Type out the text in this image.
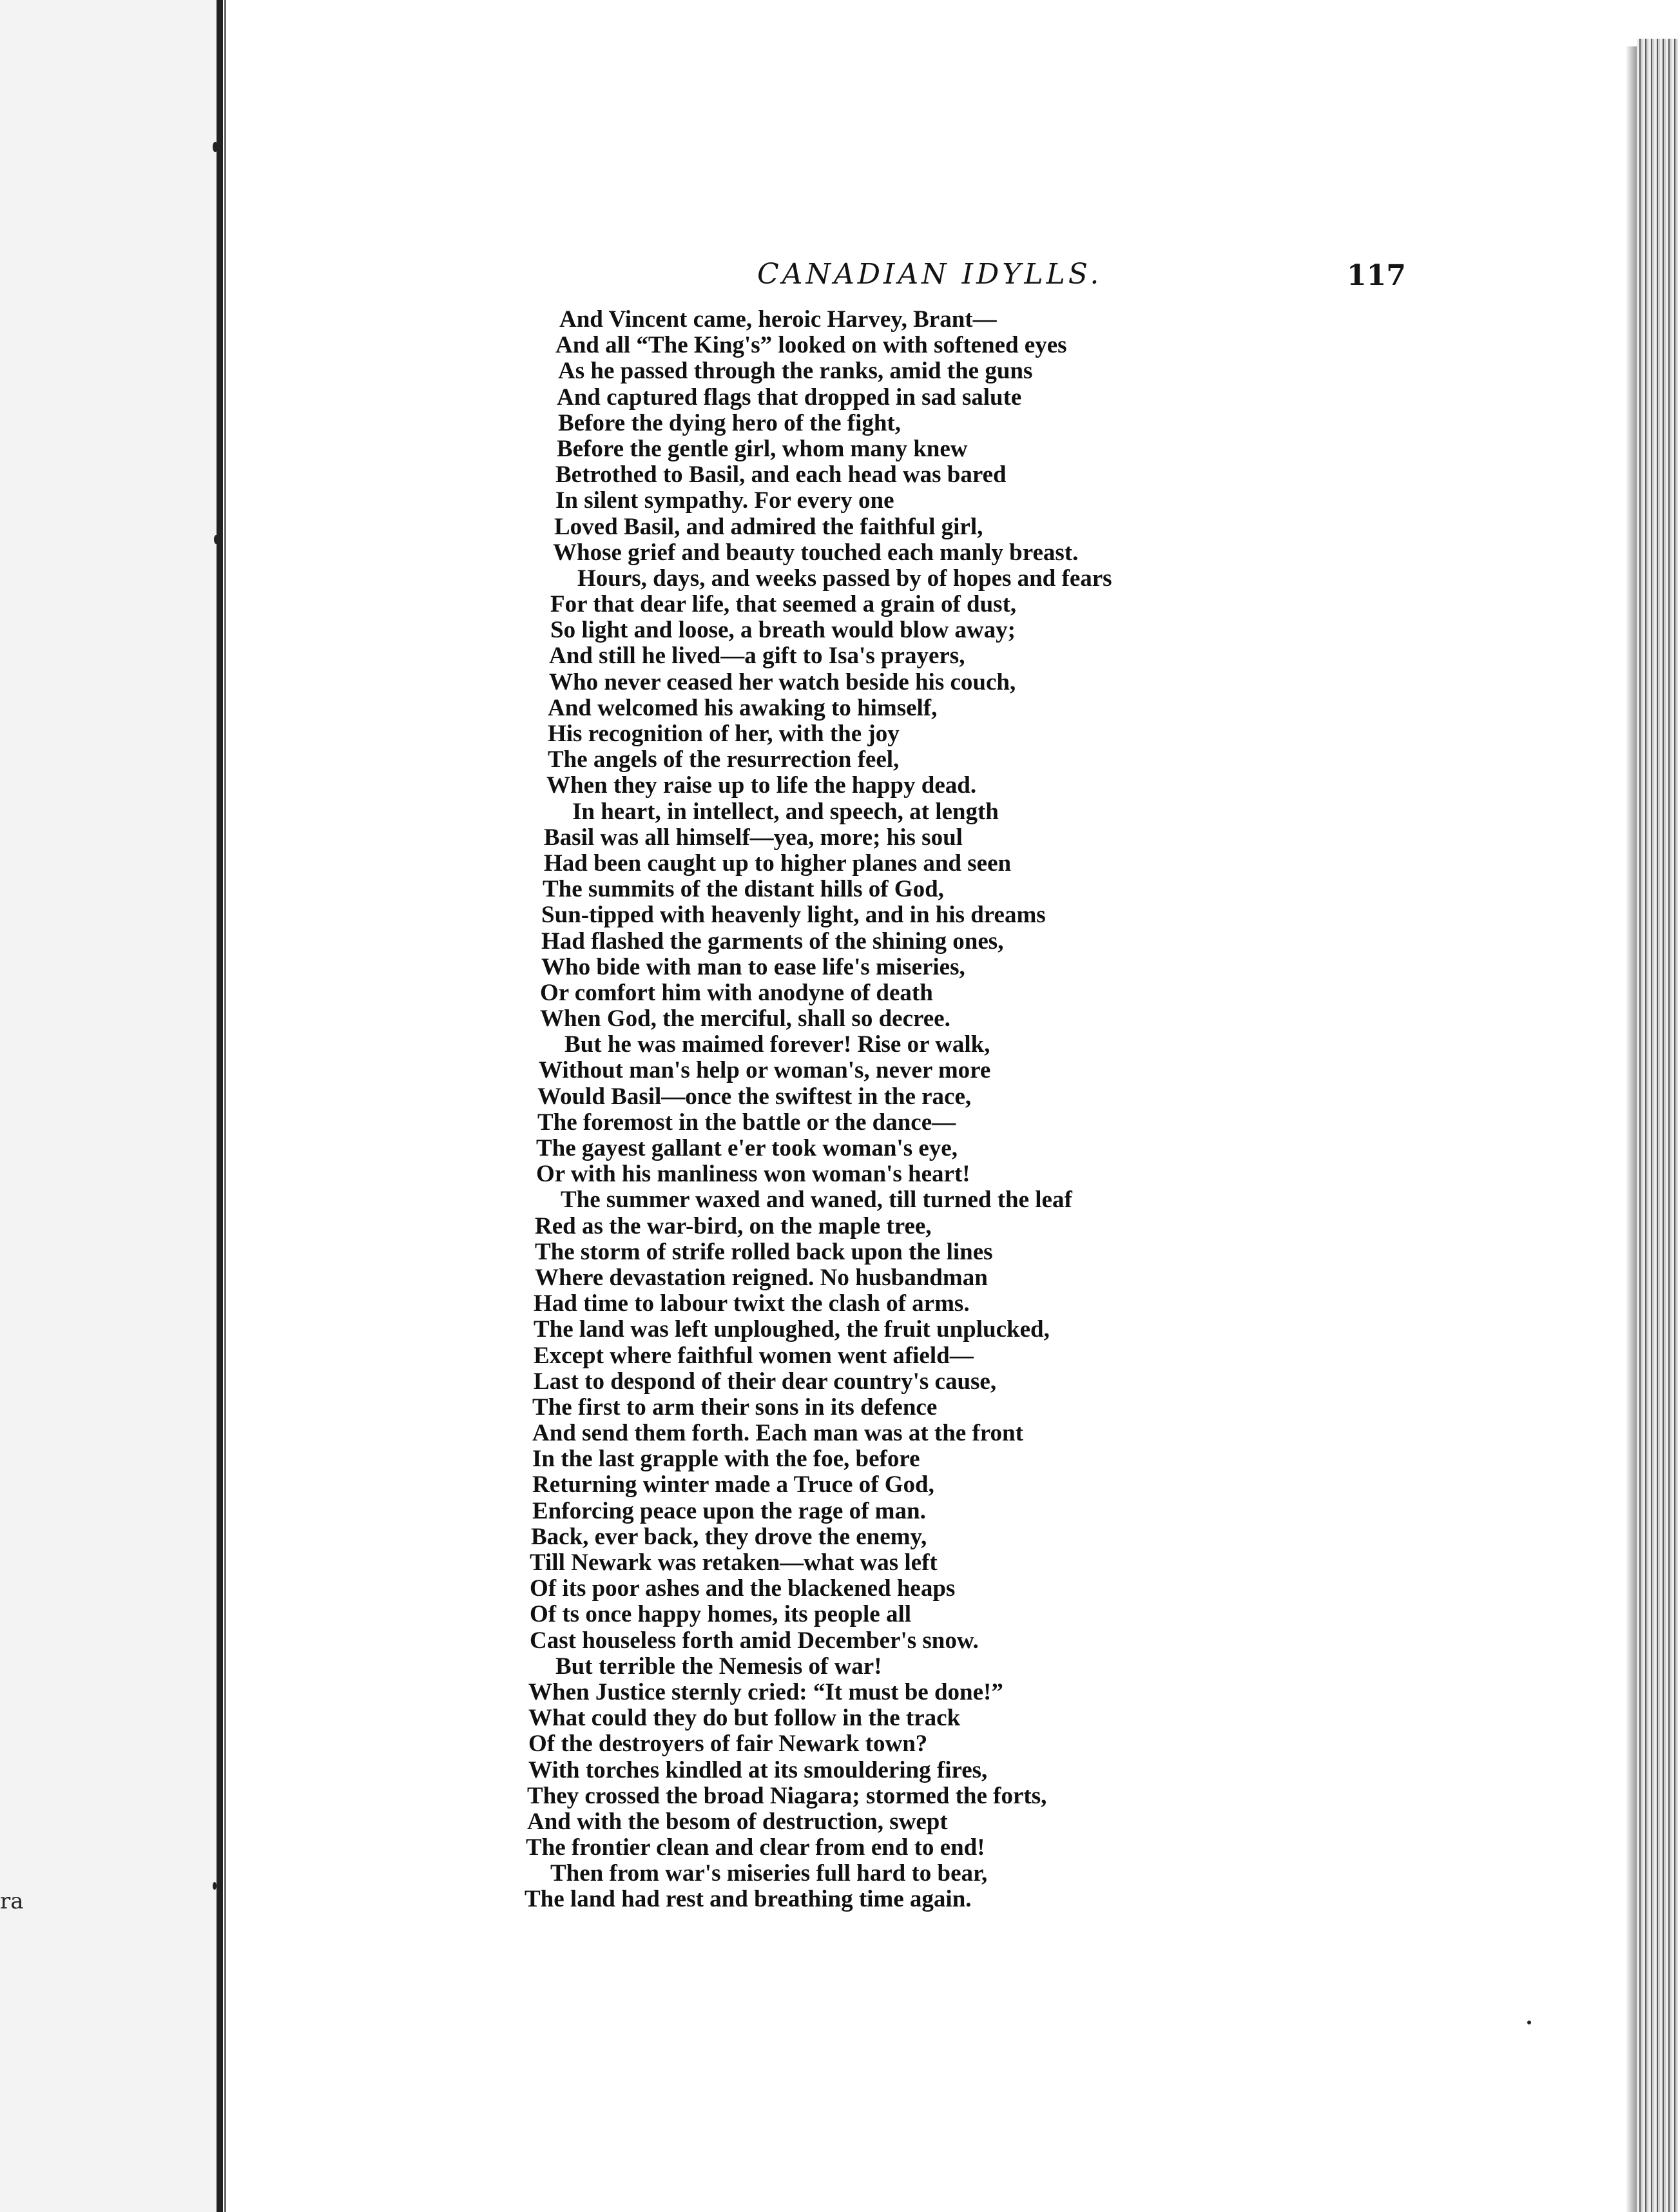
ra
CANADIAN IDYLLS.	117
And Vincent came, heroic Harvey, Brant—
And all “The King's” looked on with softened eyes
As he passed through the ranks, amid the guns
And captured flags that dropped in sad salute
Before the dying hero of the fight,
Before the gentle girl, whom many knew
Betrothed to Basil, and each head was bared
In silent sympathy. For every one
Loved Basil, and admired the faithful girl,
Whose grief and beauty touched each manly breast.
Hours, days, and weeks passed by of hopes and fears
For that dear life, that seemed a grain of dust,
So light and loose, a breath would blow away;
And still he lived—a gift to Isa's prayers,
Who never ceased her watch beside his couch,
And welcomed his awaking to himself,
His recognition of her, with the joy
The angels of the resurrection feel,
When they raise up to life the happy dead.
In heart, in intellect, and speech, at length
Basil was all himself—yea, more; his soul
Had been caught up to higher planes and seen
The summits of the distant hills of God,
Sun-tipped with heavenly light, and in his dreams
Had flashed the garments of the shining ones,
Who bide with man to ease life's miseries,
Or comfort him with anodyne of death
When God, the merciful, shall so decree.
But he was maimed forever! Rise or walk,
Without man's help or woman's, never more
Would Basil—once the swiftest in the race,
The foremost in the battle or the dance—
The gayest gallant e'er took woman's eye,
Or with his manliness won woman's heart!
The summer waxed and waned, till turned the leaf
Red as the war-bird, on the maple tree,
The storm of strife rolled back upon the lines
Where devastation reigned. No husbandman
Had time to labour twixt the clash of arms.
The land was left unploughed, the fruit unplucked,
Except where faithful women went afield—
Last to despond of their dear country's cause,
The first to arm their sons in its defence
And send them forth. Each man was at the front
In the last grapple with the foe, before
Returning winter made a Truce of God,
Enforcing peace upon the rage of man.
Back, ever back, they drove the enemy,
Till Newark was retaken—what was left
Of its poor ashes and the blackened heaps
Of ts once happy homes, its people all
Cast houseless forth amid December's snow.
But terrible the Nemesis of war!
When Justice sternly cried: “It must be done!”
What could they do but follow in the track
Of the destroyers of fair Newark town?
With torches kindled at its smouldering fires,
They crossed the broad Niagara; stormed the forts,
And with the besom of destruction, swept
The frontier clean and clear from end to end!
Then from war's miseries full hard to bear,
The land had rest and breathing time again.
